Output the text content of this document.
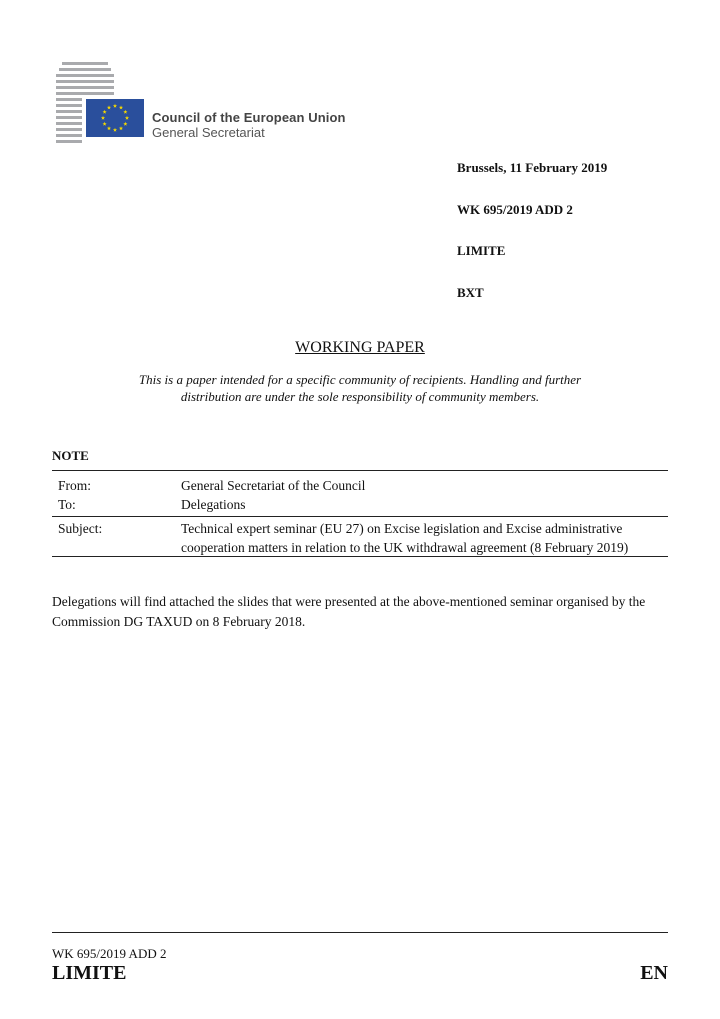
Council of the European Union
General Secretariat
Brussels, 11 February 2019
WK 695/2019 ADD 2
LIMITE
BXT
WORKING PAPER
This is a paper intended for a specific community of recipients. Handling and further distribution are under the sole responsibility of community members.
NOTE
From:	General Secretariat of the Council
To:	Delegations
Subject:	Technical expert seminar (EU 27) on Excise legislation and Excise administrative cooperation matters in relation to the UK withdrawal agreement (8 February 2019)
Delegations will find attached the slides that were presented at the above-mentioned seminar organised by the Commission DG TAXUD on 8 February 2018.
WK 695/2019 ADD 2
LIMITE	EN
